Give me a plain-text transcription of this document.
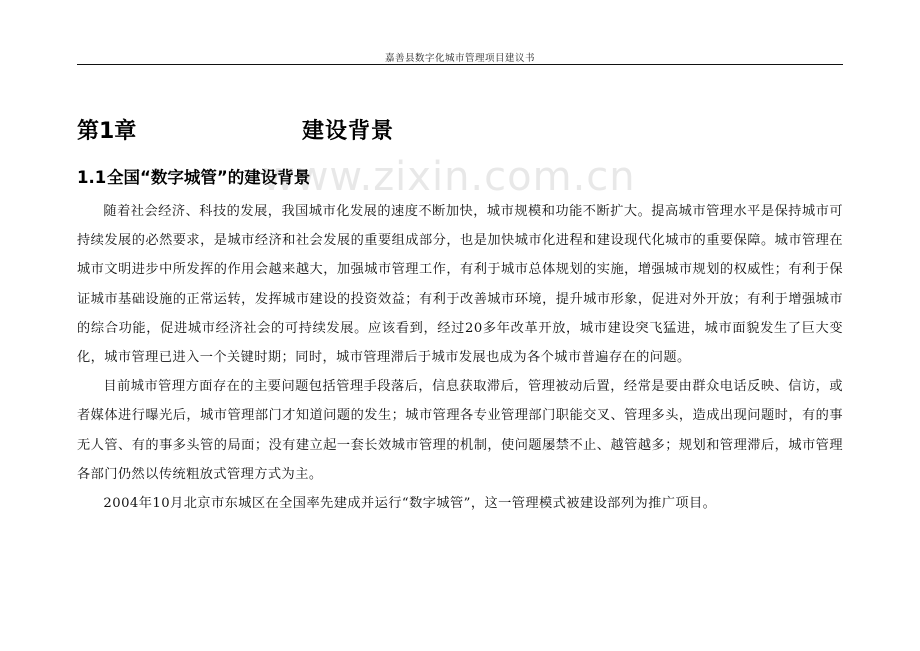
嘉善县数字化城市管理项目建议书
www.zixin.com.cn
第1章	建设背景
1.1全国“数字城管”的建设背景

随着社会经济、科技的发展，我国城市化发展的速度不断加快，城市规模和功能不断扩大。提高城市管理水平是保持城市可持续发展的必然要求，是城市经济和社会发展的重要组成部分，也是加快城市化进程和建设现代化城市的重要保障。城市管理在城市文明进步中所发挥的作用会越来越大，加强城市管理工作，有利于城市总体规划的实施，增强城市规划的权威性；有利于保证城市基础设施的正常运转，发挥城市建设的投资效益；有利于改善城市环境，提升城市形象，促进对外开放；有利于增强城市的综合功能，促进城市经济社会的可持续发展。应该看到，经过20多年改革开放，城市建设突飞猛进，城市面貌发生了巨大变化，城市管理已进入一个关键时期；同时，城市管理滞后于城市发展也成为各个城市普遍存在的问题。

目前城市管理方面存在的主要问题包括管理手段落后，信息获取滞后，管理被动后置，经常是要由群众电话反映、信访，或者媒体进行曝光后，城市管理部门才知道问题的发生；城市管理各专业管理部门职能交叉、管理多头，造成出现问题时，有的事无人管、有的事多头管的局面；没有建立起一套长效城市管理的机制，使问题屡禁不止、越管越多；规划和管理滞后，城市管理各部门仍然以传统粗放式管理方式为主。

2004年10月北京市东城区在全国率先建成并运行“数字城管”，这一管理模式被建设部列为推广项目。
